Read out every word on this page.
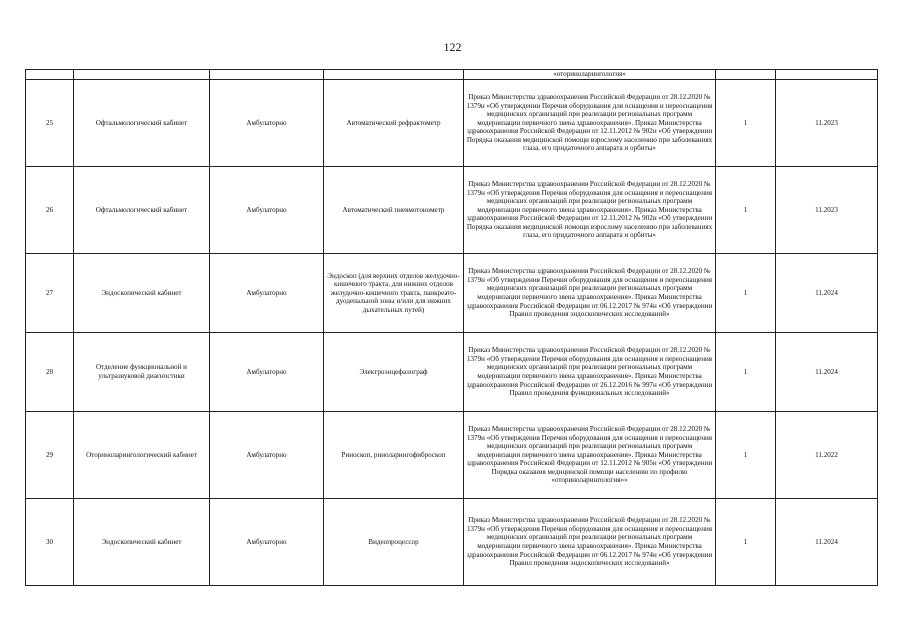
122
				«оториноларингология»		
25	Офтальмологический кабинет	Амбулаторно	Автоматический рефрактометр	Приказ Министерства здравоохранения Российской Федерации от 28.12.2020 № 1379н «Об утверждении Перечня оборудования для оснащения и переоснащения медицинских организаций при реализации региональных программ модернизации первичного звена здравоохранения». Приказ Министерства здравоохранения Российской Федерации от 12.11.2012 № 902н «Об утверждении Порядка оказания медицинской помощи взрослому населению при заболеваниях глаза, его придаточного аппарата и орбиты»	1	11.2023
26	Офтальмологический кабинет	Амбулаторно	Автоматический пневмотонометр	Приказ Министерства здравоохранения Российской Федерации от 28.12.2020 № 1379н «Об утверждения Перечня оборудования для оснащения и переоснащения медицинских организаций при реализации региональных программ модернизации первичного звена здравоохранения». Приказ Министерства здравоохранения Российской Федерации от 12.11.2012 № 902н «Об утверждении Порядка оказания медицинской помощи взрослому населению при заболеваниях глаза, его придаточного аппарата и орбиты»	1	11.2023
27	Эндоскопический кабинет	Амбулаторно	Эндоскоп (для верхних отделов желудочно-кишечного тракта, для нижних отделов желудочно-кишечного тракта, панкреато-дуоденальной зоны и/или для нижних дыхательных путей)	Приказ Министерства здравоохранения Российской Федерации от 28.12.2020 № 1379н «Об утверждения Перечня оборудования для оснащения и переоснащения медицинских организаций при реализации региональных программ модернизации первичного звена здравоохранения». Приказ Министерства здравоохранения Российской Федерации от 06.12.2017 № 974н «Об утверждении Правил проведения эндоскопических исследований»	1	11.2024
28	Отделение функциональной и ультразвуковой диагностики	Амбулаторно	Электроэнцефалограф	Приказ Министерства здравоохранения Российской Федерации от 28.12.2020 № 1379н «Об утверждения Перечня оборудования для оснащения и переоснащения медицинских организаций при реализации региональных программ модернизации первичного звена здравоохранения». Приказ Министерства здравоохранения Российской Федерации от 26.12.2016 № 997н «Об утверждении Правил проведения функциональных исследований»	1	11.2024
29	Оториноларингологический кабинет	Амбулаторно	Риноскоп, риноларингофиброскоп	Приказ Министерства здравоохранения Российской Федерации от 28.12.2020 № 1379н «Об утверждения Перечня оборудования для оснащения и переоснащения медицинских организаций при реализации региональных программ модернизации первичного звена здравоохранения». Приказ Министерства здравоохранения Российской Федерации от 12.11.2012 № 905н «Об утверждении Порядка оказания медицинской помощи населению по профилю «оториноларингология»»	1	11.2022
30	Эндоскопический кабинет	Амбулаторно	Видеопроцессор	Приказ Министерства здравоохранения Российской Федерации от 28.12.2020 № 1379н «Об утверждения Перечня оборудования для оснащения и переоснащения медицинских организаций при реализации региональных программ модернизации первичного звена здравоохранения». Приказ Министерства здравоохранения Российской Федерации от 06.12.2017 № 974н «Об утверждении Правил проведения эндоскопических исследований»	1	11.2024
